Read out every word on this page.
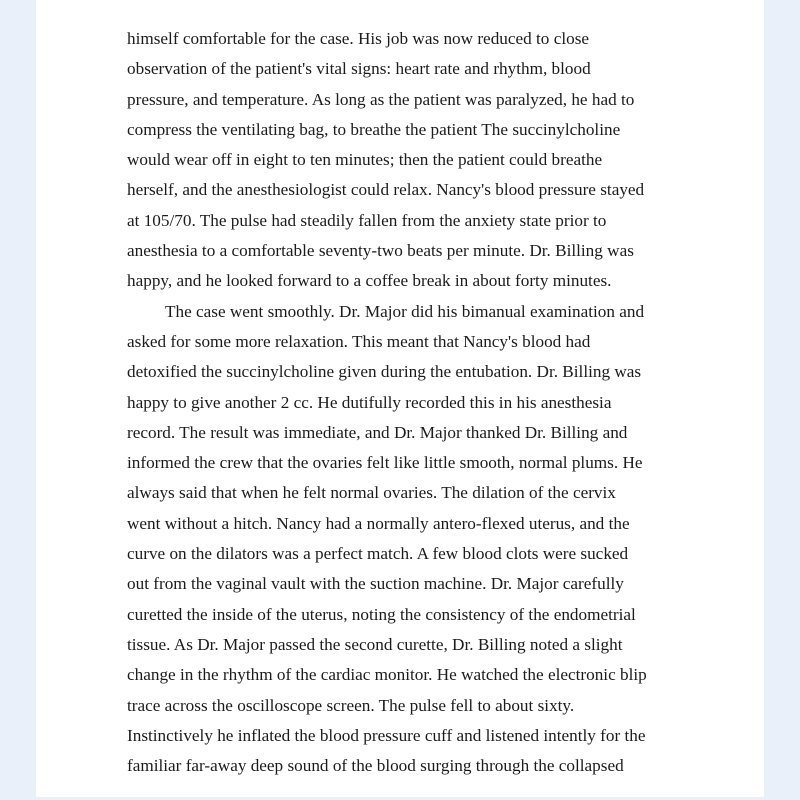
himself comfortable for the case. His job was now reduced to close
observation of the patient's vital signs: heart rate and rhythm, blood
pressure, and temperature. As long as the patient was paralyzed, he had to
compress the ventilating bag, to breathe the patient The succinylcholine
would wear off in eight to ten minutes; then the patient could breathe
herself, and the anesthesiologist could relax. Nancy's blood pressure stayed
at 105/70. The pulse had steadily fallen from the anxiety state prior to
anesthesia to a comfortable seventy-two beats per minute. Dr. Billing was
happy, and he looked forward to a coffee break in about forty minutes.
The case went smoothly. Dr. Major did his bimanual examination and
asked for some more relaxation. This meant that Nancy's blood had
detoxified the succinylcholine given during the entubation. Dr. Billing was
happy to give another 2 cc. He dutifully recorded this in his anesthesia
record. The result was immediate, and Dr. Major thanked Dr. Billing and
informed the crew that the ovaries felt like little smooth, normal plums. He
always said that when he felt normal ovaries. The dilation of the cervix
went without a hitch. Nancy had a normally antero-flexed uterus, and the
curve on the dilators was a perfect match. A few blood clots were sucked
out from the vaginal vault with the suction machine. Dr. Major carefully
curetted the inside of the uterus, noting the consistency of the endometrial
tissue. As Dr. Major passed the second curette, Dr. Billing noted a slight
change in the rhythm of the cardiac monitor. He watched the electronic blip
trace across the oscilloscope screen. The pulse fell to about sixty.
Instinctively he inflated the blood pressure cuff and listened intently for the
familiar far-away deep sound of the blood surging through the collapsed
